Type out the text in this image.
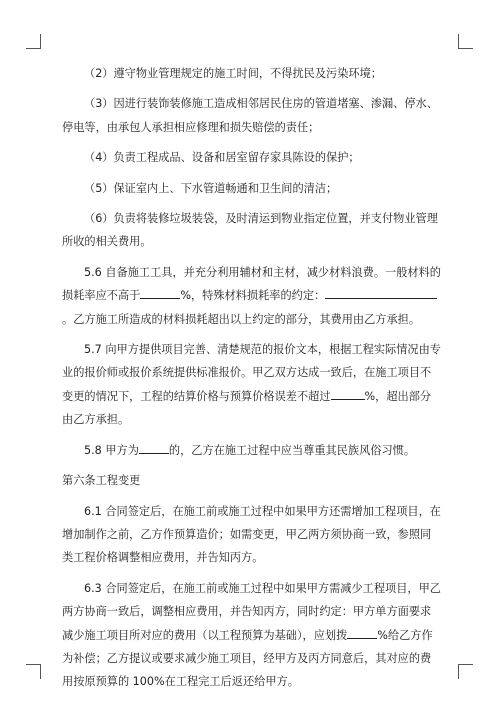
（2）遵守物业管理规定的施工时间，不得扰民及污染环境；

（3）因进行装饰装修施工造成相邻居民住房的管道堵塞、渗漏、停水、停电等，由承包人承担相应修理和损失赔偿的责任；

（4）负责工程成品、设备和居室留存家具陈设的保护；

（5）保证室内上、下水管道畅通和卫生间的清洁；

（6）负责将装修垃圾装袋，及时清运到物业指定位置，并支付物业管理所收的相关费用。

5.6 自备施工工具，并充分利用辅材和主材，减少材料浪费。一般材料的损耗率应不高于	%，特殊材料损耗率的约定：。乙方施工所造成的材料损耗超出以上约定的部分，其费用由乙方承担。

5.7 向甲方提供项目完善、清楚规范的报价文本，根据工程实际情况由专业的报价师或报价系统提供标准报价。甲乙双方达成一致后，在施工项目不变更的情况下，工程的结算价格与预算价格误差不超过	%，超出部分由乙方承担。

5.8 甲方为	的，乙方在施工过程中应当尊重其民族风俗习惯。

第六条工程变更

6.1 合同签定后，在施工前或施工过程中如果甲方还需增加工程项目，在增加制作之前，乙方作预算造价；如需变更，甲乙两方须协商一致，参照同类工程价格调整相应费用，并告知丙方。

6.3 合同签定后，在施工前或施工过程中如果甲方需减少工程项目，甲乙两方协商一致后，调整相应费用，并告知丙方，同时约定：甲方单方面要求减少施工项目所对应的费用（以工程预算为基础），应划拨	%给乙方作为补偿；乙方提议或要求减少施工项目，经甲方及丙方同意后，其对应的费用按原预算的 100%在工程完工后返还给甲方。
